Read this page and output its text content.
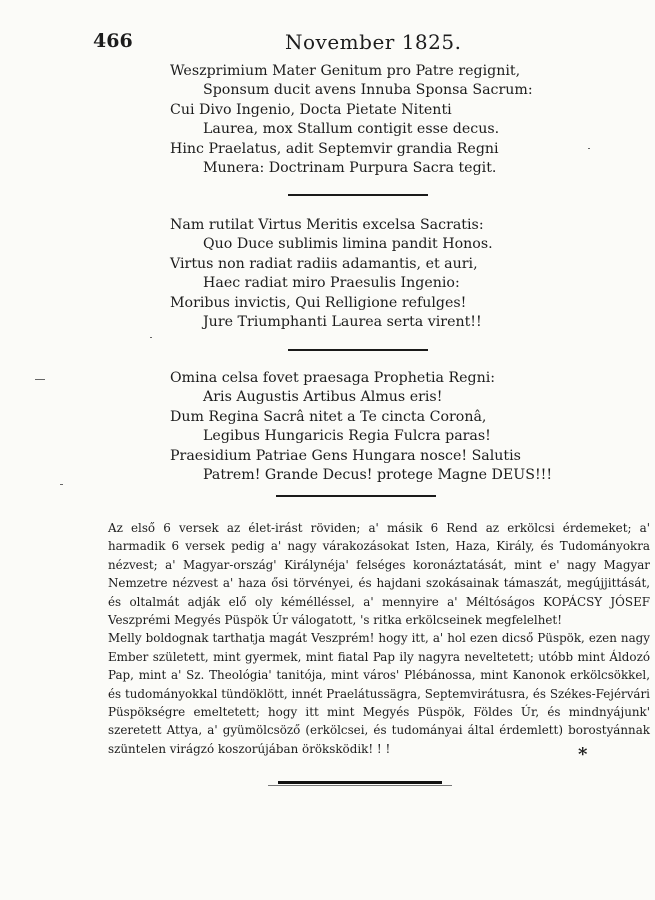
466	November 1825.
Weszprimium Mater Genitum pro Patre regignit,
Sponsum ducit avens Innuba Sponsa Sacrum:
Cui Divo Ingenio, Docta Pietate Nitenti
Laurea, mox Stallum contigit esse decus.
Hinc Praelatus, adit Septemvir grandia Regni
Munera: Doctrinam Purpura Sacra tegit.
Nam rutilat Virtus Meritis excelsa Sacratis:
Quo Duce sublimis limina pandit Honos.
Virtus non radiat radiis adamantis, et auri,
Haec radiat miro Praesulis Ingenio:
Moribus invictis, Qui Relligione refulges!
Jure Triumphanti Laurea serta virent!!
Omina celsa fovet praesaga Prophetia Regni:
Aris Augustis Artibus Almus eris!
Dum Regina Sacrâ nitet a Te cincta Coronâ,
Legibus Hungaricis Regia Fulcra paras!
Praesidium Patriae Gens Hungara nosce! Salutis
Patrem! Grande Decus! protege Magne DEUS!!!

Az első 6 versek az élet-irást röviden; a' másik 6 Rend az erkölcsi érdemeket; a' harmadik 6 versek pedig a' nagy várakozásokat Isten, Haza, Király, és Tudományokra nézvest; a' Magyar-ország' Királynéja' felséges koronáztatását, mint e' nagy Magyar Nemzetre nézvest a' haza ősi törvényei, és hajdani szokásainak támaszát, megújjittását, és oltalmát adják elő oly kémélléssel, a' mennyire a' Méltóságos KOPÁCSY JÓSEF Veszprémi Megyés Püspök Úr válogatott, 's ritka erkölcseinek megfelelhet!

Melly boldognak tarthatja magát Veszprém! hogy itt, a' hol ezen dicső Püspök, ezen nagy Ember született, mint gyermek, mint fiatal Pap ily nagyra neveltetett; utóbb mint Áldozó Pap, mint a' Sz. Theológia' tanitója, mint város' Plébánossa, mint Kanonok erkölcsökkel, és tudományokkal tündöklött, innét Praelátussägra, Septemvirátusra, és Székes-Fejérvári Püspökségre emeltetett; hogy itt mint Megyés Püspök, Földes Úr, és mindnyájunk' szeretett Attya, a' gyümölcsöző (erkölcsei, és tudományai által érdemlett) borostyánnak szüntelen virágzó koszorújában öröksködik! ! !	*
